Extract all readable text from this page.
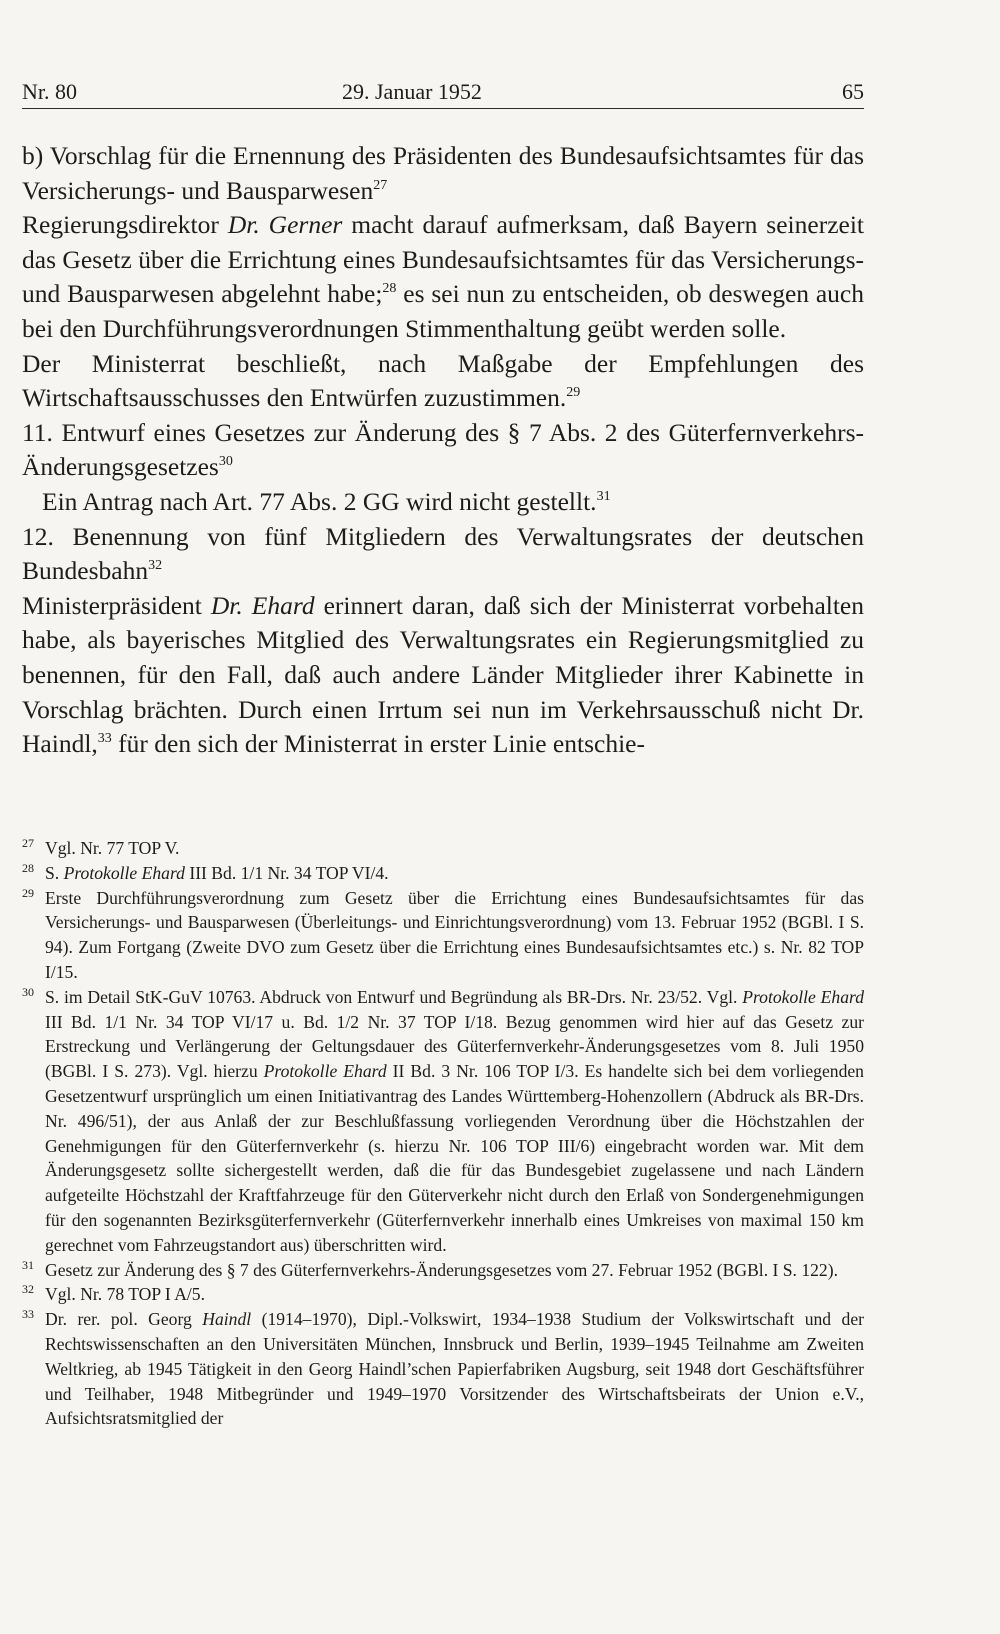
Nr. 80	29. Januar 1952	65

b) Vorschlag für die Ernennung des Präsidenten des Bundesaufsichtsamtes für das Versicherungs- und Bausparwesen$^{27}$

Regierungsdirektor Dr. Gerner macht darauf aufmerksam, daß Bayern seinerzeit das Gesetz über die Errichtung eines Bundesaufsichtsamtes für das Versicherungs- und Bausparwesen abgelehnt habe;$^{28}$ es sei nun zu entscheiden, ob deswegen auch bei den Durchführungsverordnungen Stimmenthaltung geübt werden solle.

Der Ministerrat beschließt, nach Maßgabe der Empfehlungen des Wirtschaftsausschusses den Entwürfen zuzustimmen.$^{29}$

11. Entwurf eines Gesetzes zur Änderung des § 7 Abs. 2 des Güterfernverkehrs-Änderungsgesetzes$^{30}$

Ein Antrag nach Art. 77 Abs. 2 GG wird nicht gestellt.$^{31}$

12. Benennung von fünf Mitgliedern des Verwaltungsrates der deutschen Bundesbahn$^{32}$

Ministerpräsident Dr. Ehard erinnert daran, daß sich der Ministerrat vorbehalten habe, als bayerisches Mitglied des Verwaltungsrates ein Regierungsmitglied zu benennen, für den Fall, daß auch andere Länder Mitglieder ihrer Kabinette in Vorschlag brächten. Durch einen Irrtum sei nun im Verkehrsausschuß nicht Dr. Haindl,$^{33}$ für den sich der Ministerrat in erster Linie entschie-

27 Vgl. Nr. 77 TOP V.

28 S. Protokolle Ehard III Bd. 1/1 Nr. 34 TOP VI/4.

29 Erste Durchführungsverordnung zum Gesetz über die Errichtung eines Bundesaufsichtsamtes für das Versicherungs- und Bausparwesen (Überleitungs- und Einrichtungsverordnung) vom 13. Februar 1952 (BGBl. I S. 94). Zum Fortgang (Zweite DVO zum Gesetz über die Errichtung eines Bundesaufsichtsamtes etc.) s. Nr. 82 TOP I/15.

30 S. im Detail StK-GuV 10763. Abdruck von Entwurf und Begründung als BR-Drs. Nr. 23/52. Vgl. Protokolle Ehard III Bd. 1/1 Nr. 34 TOP VI/17 u. Bd. 1/2 Nr. 37 TOP I/18. Bezug genommen wird hier auf das Gesetz zur Erstreckung und Verlängerung der Geltungsdauer des Güterfernverkehr-Änderungsgesetzes vom 8. Juli 1950 (BGBl. I S. 273). Vgl. hierzu Protokolle Ehard II Bd. 3 Nr. 106 TOP I/3. Es handelte sich bei dem vorliegenden Gesetzentwurf ursprünglich um einen Initiativantrag des Landes Württemberg-Hohenzollern (Abdruck als BR-Drs. Nr. 496/51), der aus Anlaß der zur Beschlußfassung vorliegenden Verordnung über die Höchstzahlen der Genehmigungen für den Güterfernverkehr (s. hierzu Nr. 106 TOP III/6) eingebracht worden war. Mit dem Änderungsgesetz sollte sichergestellt werden, daß die für das Bundesgebiet zugelassene und nach Ländern aufgeteilte Höchstzahl der Kraftfahrzeuge für den Güterverkehr nicht durch den Erlaß von Sondergenehmigungen für den sogenannten Bezirksgüterfernverkehr (Güterfernverkehr innerhalb eines Umkreises von maximal 150 km gerechnet vom Fahrzeugstandort aus) überschritten wird.

31 Gesetz zur Änderung des § 7 des Güterfernverkehrs-Änderungsgesetzes vom 27. Februar 1952 (BGBl. I S. 122).

32 Vgl. Nr. 78 TOP I A/5.

33 Dr. rer. pol. Georg Haindl (1914–1970), Dipl.-Volkswirt, 1934–1938 Studium der Volkswirtschaft und der Rechtswissenschaften an den Universitäten München, Innsbruck und Berlin, 1939–1945 Teilnahme am Zweiten Weltkrieg, ab 1945 Tätigkeit in den Georg Haindl’schen Papierfabriken Augsburg, seit 1948 dort Geschäftsführer und Teilhaber, 1948 Mitbegründer und 1949–1970 Vorsitzender des Wirtschaftsbeirats der Union e.V., Aufsichtsratsmitglied der
